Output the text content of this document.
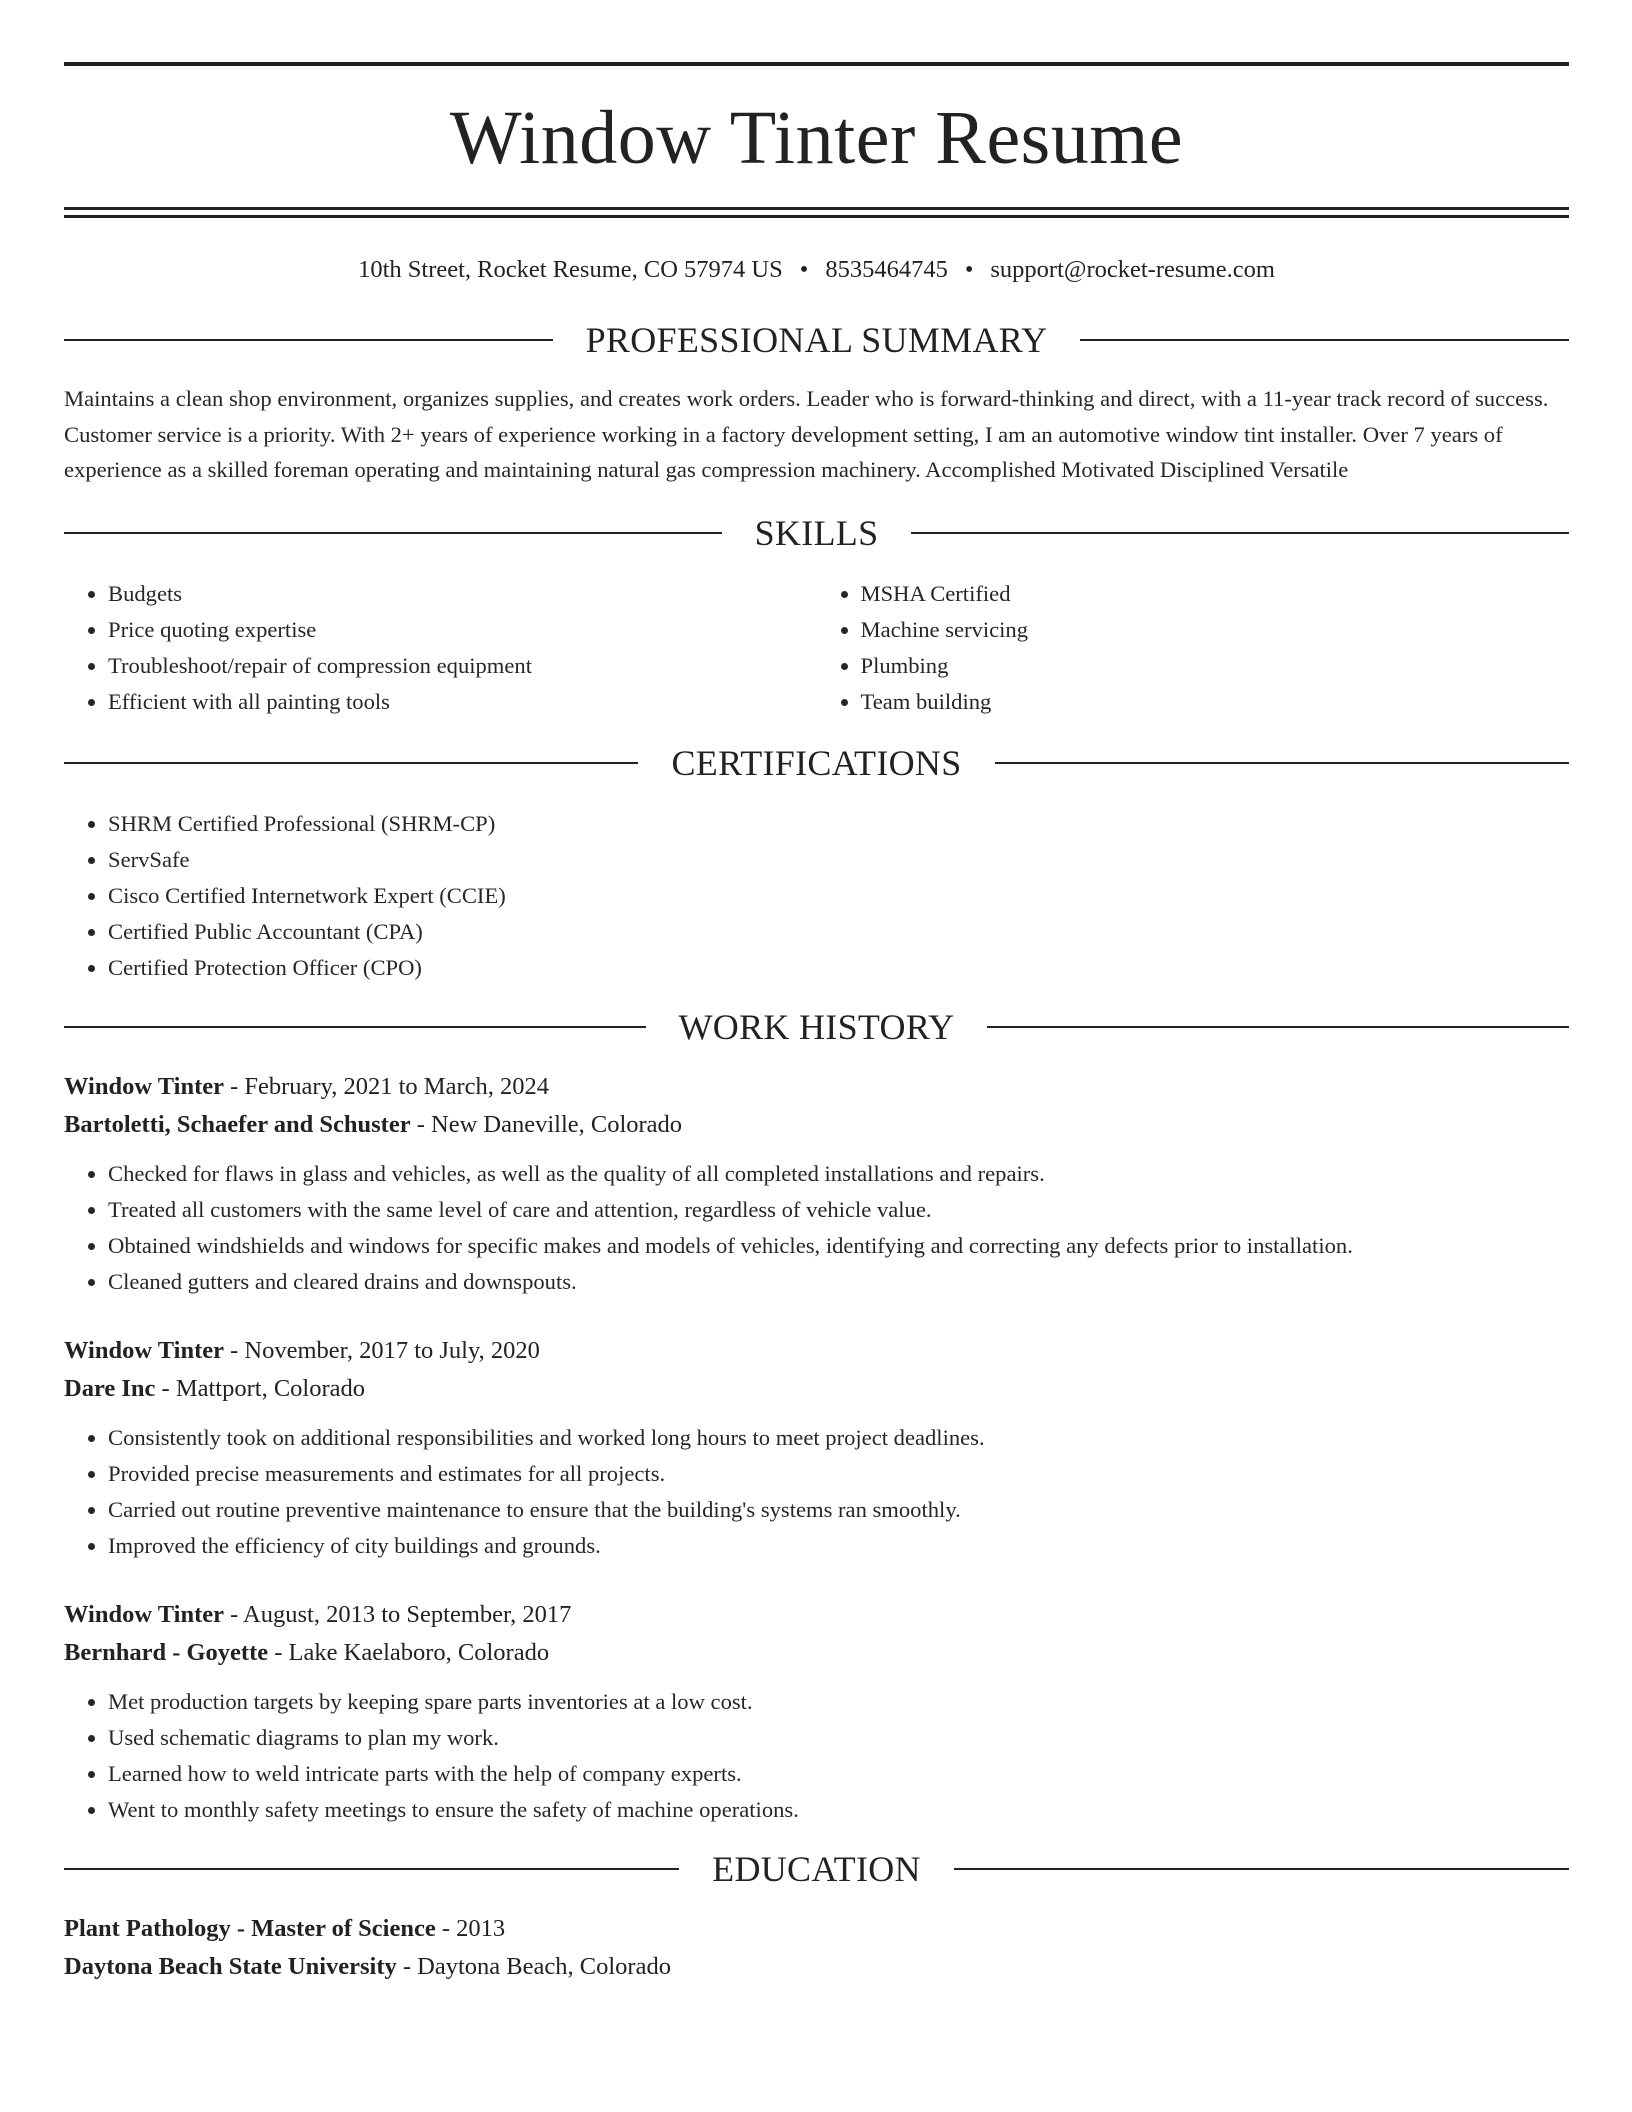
Window Tinter Resume
10th Street, Rocket Resume, CO 57974 US • 8535464745 • support@rocket-resume.com
PROFESSIONAL SUMMARY

Maintains a clean shop environment, organizes supplies, and creates work orders. Leader who is forward-thinking and direct, with a 11-year track record of success. Customer service is a priority. With 2+ years of experience working in a factory development setting, I am an automotive window tint installer. Over 7 years of experience as a skilled foreman operating and maintaining natural gas compression machinery. Accomplished Motivated Disciplined Versatile

SKILLS
• Budgets
• Price quoting expertise
• Troubleshoot/repair of compression equipment
• Efficient with all painting tools
• MSHA Certified
• Machine servicing
• Plumbing
• Team building
CERTIFICATIONS
• SHRM Certified Professional (SHRM-CP)
• ServSafe
• Cisco Certified Internetwork Expert (CCIE)
• Certified Public Accountant (CPA)
• Certified Protection Officer (CPO)
WORK HISTORY
Window Tinter - February, 2021 to March, 2024
Bartoletti, Schaefer and Schuster - New Daneville, Colorado
• Checked for flaws in glass and vehicles, as well as the quality of all completed installations and repairs.
• Treated all customers with the same level of care and attention, regardless of vehicle value.
• Obtained windshields and windows for specific makes and models of vehicles, identifying and correcting any defects prior to installation.
• Cleaned gutters and cleared drains and downspouts.
Window Tinter - November, 2017 to July, 2020
Dare Inc - Mattport, Colorado
• Consistently took on additional responsibilities and worked long hours to meet project deadlines.
• Provided precise measurements and estimates for all projects.
• Carried out routine preventive maintenance to ensure that the building's systems ran smoothly.
• Improved the efficiency of city buildings and grounds.
Window Tinter - August, 2013 to September, 2017
Bernhard - Goyette - Lake Kaelaboro, Colorado
• Met production targets by keeping spare parts inventories at a low cost.
• Used schematic diagrams to plan my work.
• Learned how to weld intricate parts with the help of company experts.
• Went to monthly safety meetings to ensure the safety of machine operations.
EDUCATION
Plant Pathology - Master of Science - 2013
Daytona Beach State University - Daytona Beach, Colorado
